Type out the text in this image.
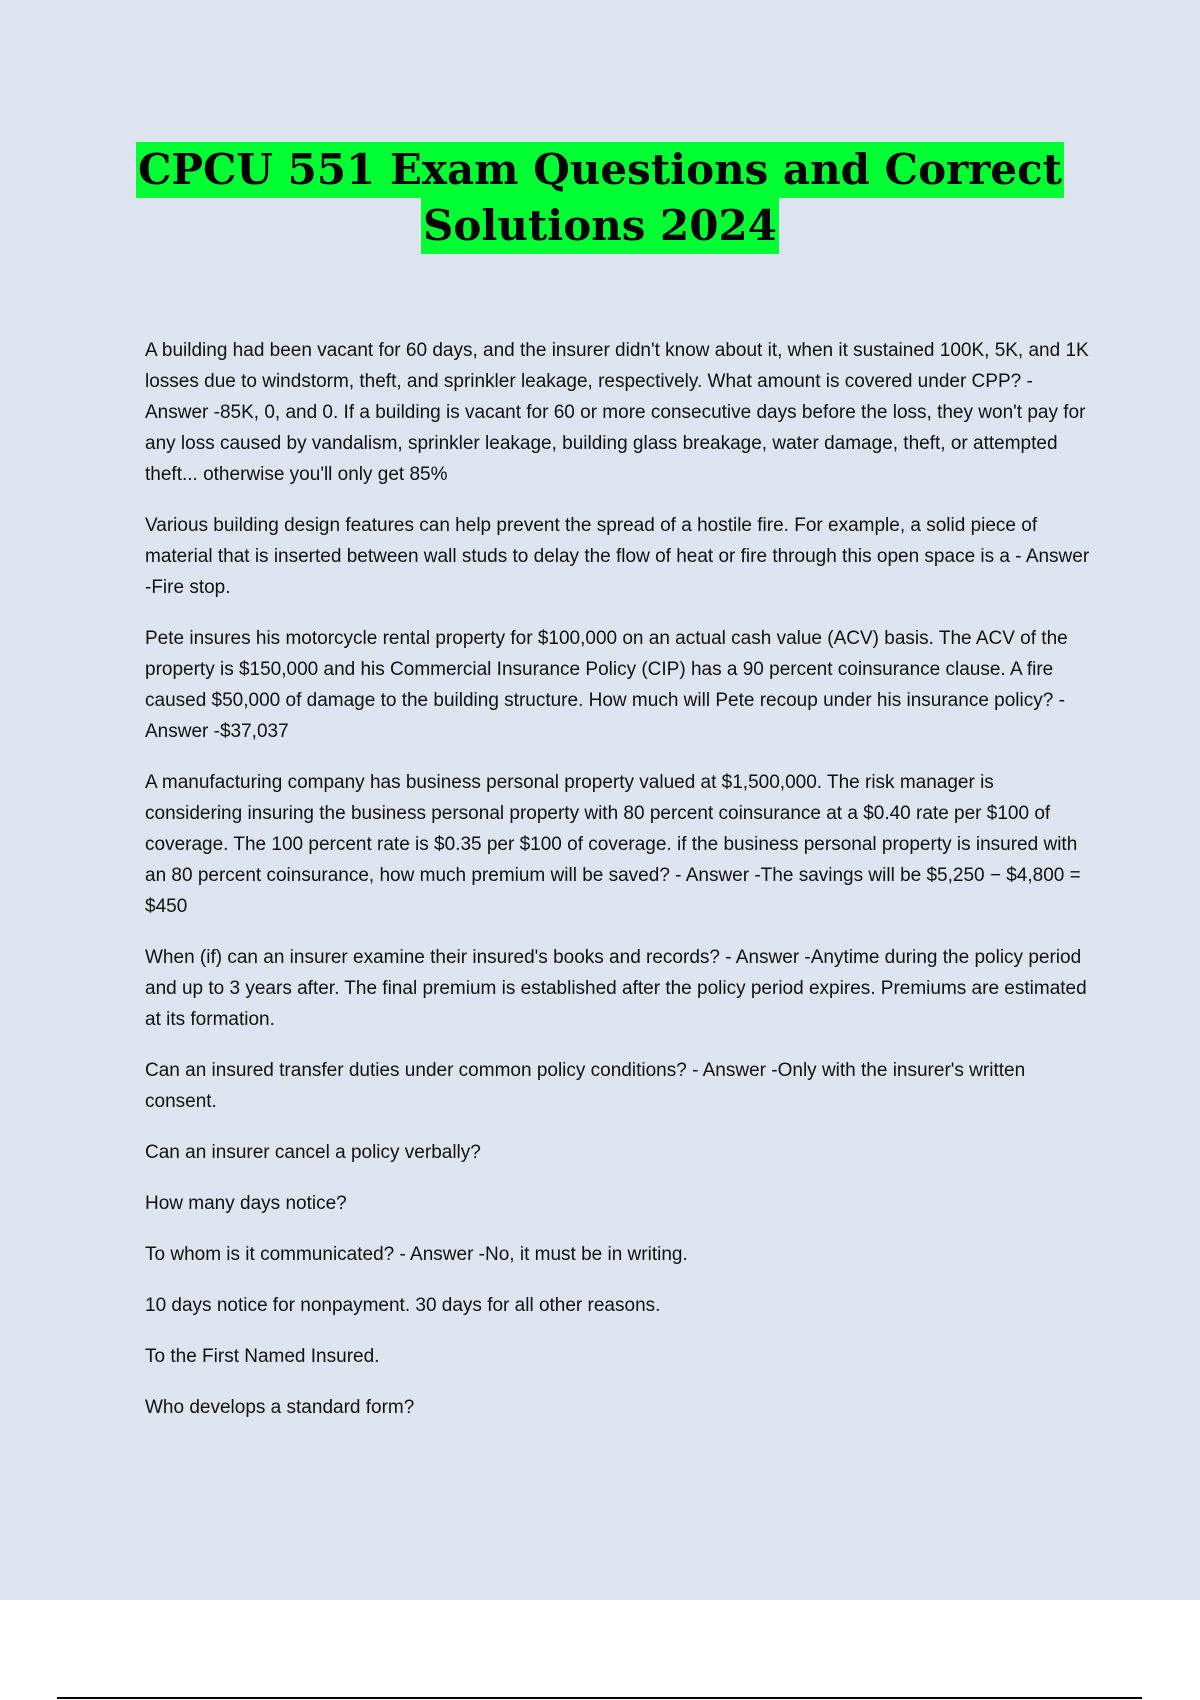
CPCU 551 Exam Questions and Correct
Solutions 2024

A building had been vacant for 60 days, and the insurer didn't know about it, when it sustained 100K, 5K, and 1K losses due to windstorm, theft, and sprinkler leakage, respectively. What amount is covered under CPP? - Answer -85K, 0, and 0. If a building is vacant for 60 or more consecutive days before the loss, they won't pay for any loss caused by vandalism, sprinkler leakage, building glass breakage, water damage, theft, or attempted theft... otherwise you'll only get 85%

Various building design features can help prevent the spread of a hostile fire. For example, a solid piece of material that is inserted between wall studs to delay the flow of heat or fire through this open space is a - Answer -Fire stop.

Pete insures his motorcycle rental property for $100,000 on an actual cash value (ACV) basis. The ACV of the property is $150,000 and his Commercial Insurance Policy (CIP) has a 90 percent coinsurance clause. A fire caused $50,000 of damage to the building structure. How much will Pete recoup under his insurance policy? - Answer -$37,037

A manufacturing company has business personal property valued at $1,500,000. The risk manager is considering insuring the business personal property with 80 percent coinsurance at a $0.40 rate per $100 of coverage. The 100 percent rate is $0.35 per $100 of coverage. if the business personal property is insured with an 80 percent coinsurance, how much premium will be saved? - Answer -The savings will be $5,250 − $4,800 = $450

When (if) can an insurer examine their insured's books and records? - Answer -Anytime during the policy period and up to 3 years after. The final premium is established after the policy period expires. Premiums are estimated at its formation.

Can an insured transfer duties under common policy conditions? - Answer -Only with the insurer's written consent.

Can an insurer cancel a policy verbally?

How many days notice?

To whom is it communicated? - Answer -No, it must be in writing.

10 days notice for nonpayment. 30 days for all other reasons.

To the First Named Insured.

Who develops a standard form?
